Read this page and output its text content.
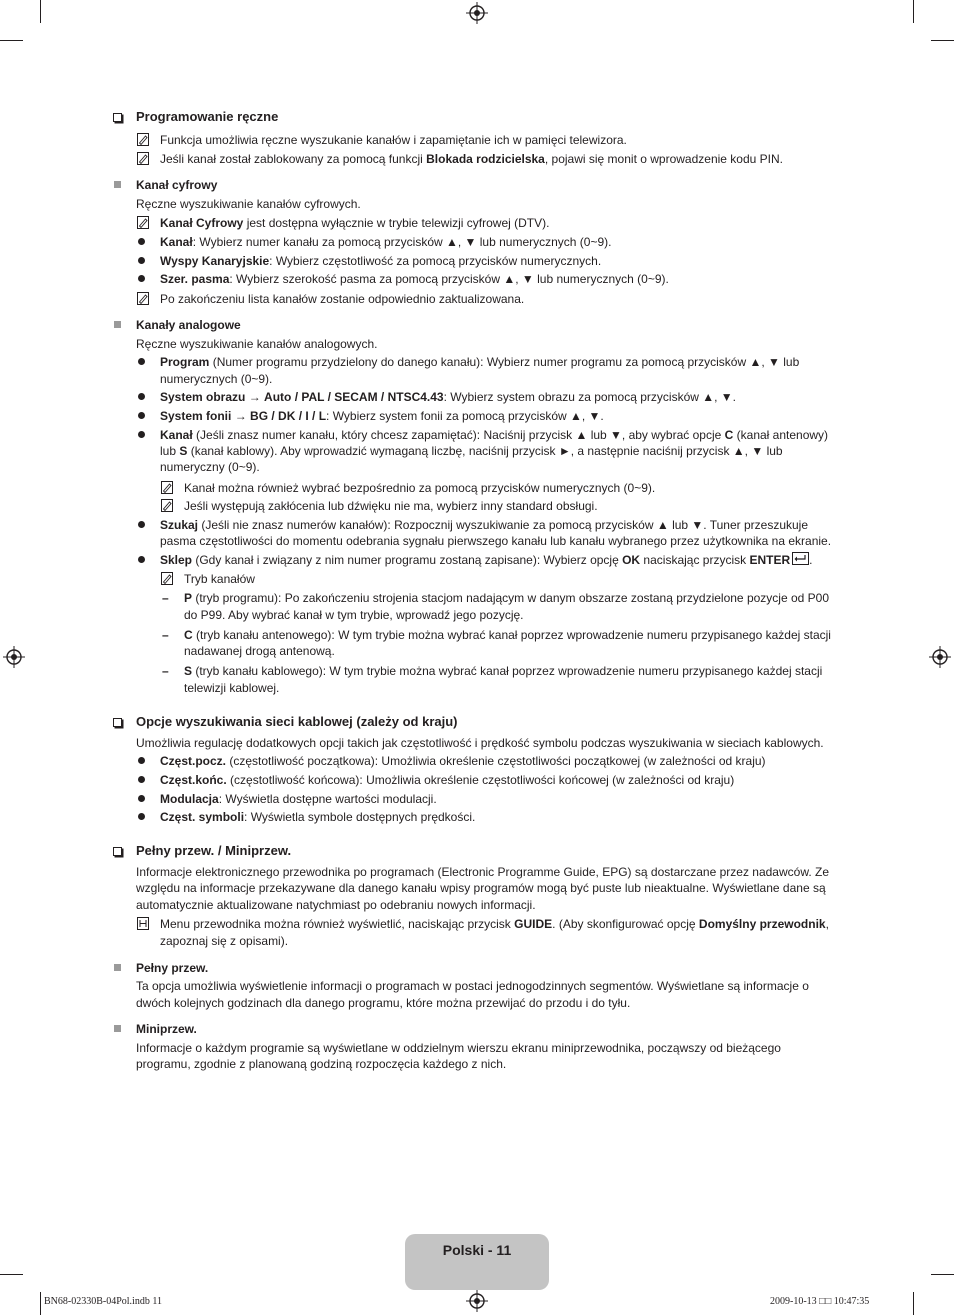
Programowanie ręczne
Funkcja umożliwia ręczne wyszukanie kanałów i zapamiętanie ich w pamięci telewizora.
Jeśli kanał został zablokowany za pomocą funkcji Blokada rodzicielska, pojawi się monit o wprowadzenie kodu PIN.
Kanał cyfrowy
Ręczne wyszukiwanie kanałów cyfrowych.
Kanał Cyfrowy jest dostępna wyłącznie w trybie telewizji cyfrowej (DTV).
Kanał: Wybierz numer kanału za pomocą przycisków ▲, ▼ lub numerycznych (0~9).
Wyspy Kanaryjskie: Wybierz częstotliwość za pomocą przycisków numerycznych.
Szer. pasma: Wybierz szerokość pasma za pomocą przycisków ▲, ▼ lub numerycznych (0~9).
Po zakończeniu lista kanałów zostanie odpowiednio zaktualizowana.
Kanały analogowe
Ręczne wyszukiwanie kanałów analogowych.
Program (Numer programu przydzielony do danego kanału): Wybierz numer programu za pomocą przycisków ▲, ▼ lub
numerycznych (0~9).
System obrazu → Auto / PAL / SECAM / NTSC4.43: Wybierz system obrazu za pomocą przycisków ▲, ▼.
System fonii → BG / DK / I / L: Wybierz system fonii za pomocą przycisków ▲, ▼.
Kanał (Jeśli znasz numer kanału, który chcesz zapamiętać): Naciśnij przycisk ▲ lub ▼, aby wybrać opcje C (kanał antenowy)
lub S (kanał kablowy). Aby wprowadzić wymaganą liczbę, naciśnij przycisk ►, a następnie naciśnij przycisk ▲, ▼ lub
numeryczny (0~9).
Kanał można również wybrać bezpośrednio za pomocą przycisków numerycznych (0~9).
Jeśli występują zakłócenia lub dźwięku nie ma, wybierz inny standard obsługi.
Szukaj (Jeśli nie znasz numerów kanałów): Rozpocznij wyszukiwanie za pomocą przycisków ▲ lub ▼. Tuner przeszukuje
pasma częstotliwości do momentu odebrania sygnału pierwszego kanału lub kanału wybranego przez użytkownika na ekranie.
Sklep (Gdy kanał i związany z nim numer programu zostaną zapisane): Wybierz opcję OK naciskając przycisk ENTER .
Tryb kanałów
– P (tryb programu): Po zakończeniu strojenia stacjom nadającym w danym obszarze zostaną przydzielone pozycje od P00
do P99. Aby wybrać kanał w tym trybie, wprowadź jego pozycję.
– C (tryb kanału antenowego): W tym trybie można wybrać kanał poprzez wprowadzenie numeru przypisanego każdej stacji
nadawanej drogą antenową.
– S (tryb kanału kablowego): W tym trybie można wybrać kanał poprzez wprowadzenie numeru przypisanego każdej stacji
telewizji kablowej.
Opcje wyszukiwania sieci kablowej (zależy od kraju)
Umożliwia regulację dodatkowych opcji takich jak częstotliwość i prędkość symbolu podczas wyszukiwania w sieciach kablowych.
Częst.pocz. (częstotliwość początkowa): Umożliwia określenie częstotliwości początkowej (w zależności od kraju)
Częst.końc. (częstotliwość końcowa): Umożliwia określenie częstotliwości końcowej (w zależności od kraju)
Modulacja: Wyświetla dostępne wartości modulacji.
Częst. symboli: Wyświetla symbole dostępnych prędkości.
Pełny przew. / Miniprzew.
Informacje elektronicznego przewodnika po programach (Electronic Programme Guide, EPG) są dostarczane przez nadawców. Ze
względu na informacje przekazywane dla danego kanału wpisy programów mogą być puste lub nieaktualne. Wyświetlane dane są
automatycznie aktualizowane natychmiast po odebraniu nowych informacji.
Menu przewodnika można również wyświetlić, naciskając przycisk GUIDE. (Aby skonfigurować opcję Domyślny przewodnik,
zapoznaj się z opisami).
Pełny przew.
Ta opcja umożliwia wyświetlenie informacji o programach w postaci jednogodzinnych segmentów. Wyświetlane są informacje o
dwóch kolejnych godzinach dla danego programu, które można przewijać do przodu i do tyłu.
Miniprzew.
Informacje o każdym programie są wyświetlane w oddzielnym wierszu ekranu miniprzewodnika, począwszy od bieżącego
programu, zgodnie z planowaną godziną rozpoczęcia każdego z nich.
Polski - 11
BN68-02330B-04Pol.indb 11	2009-10-13 □□ 10:47:35
